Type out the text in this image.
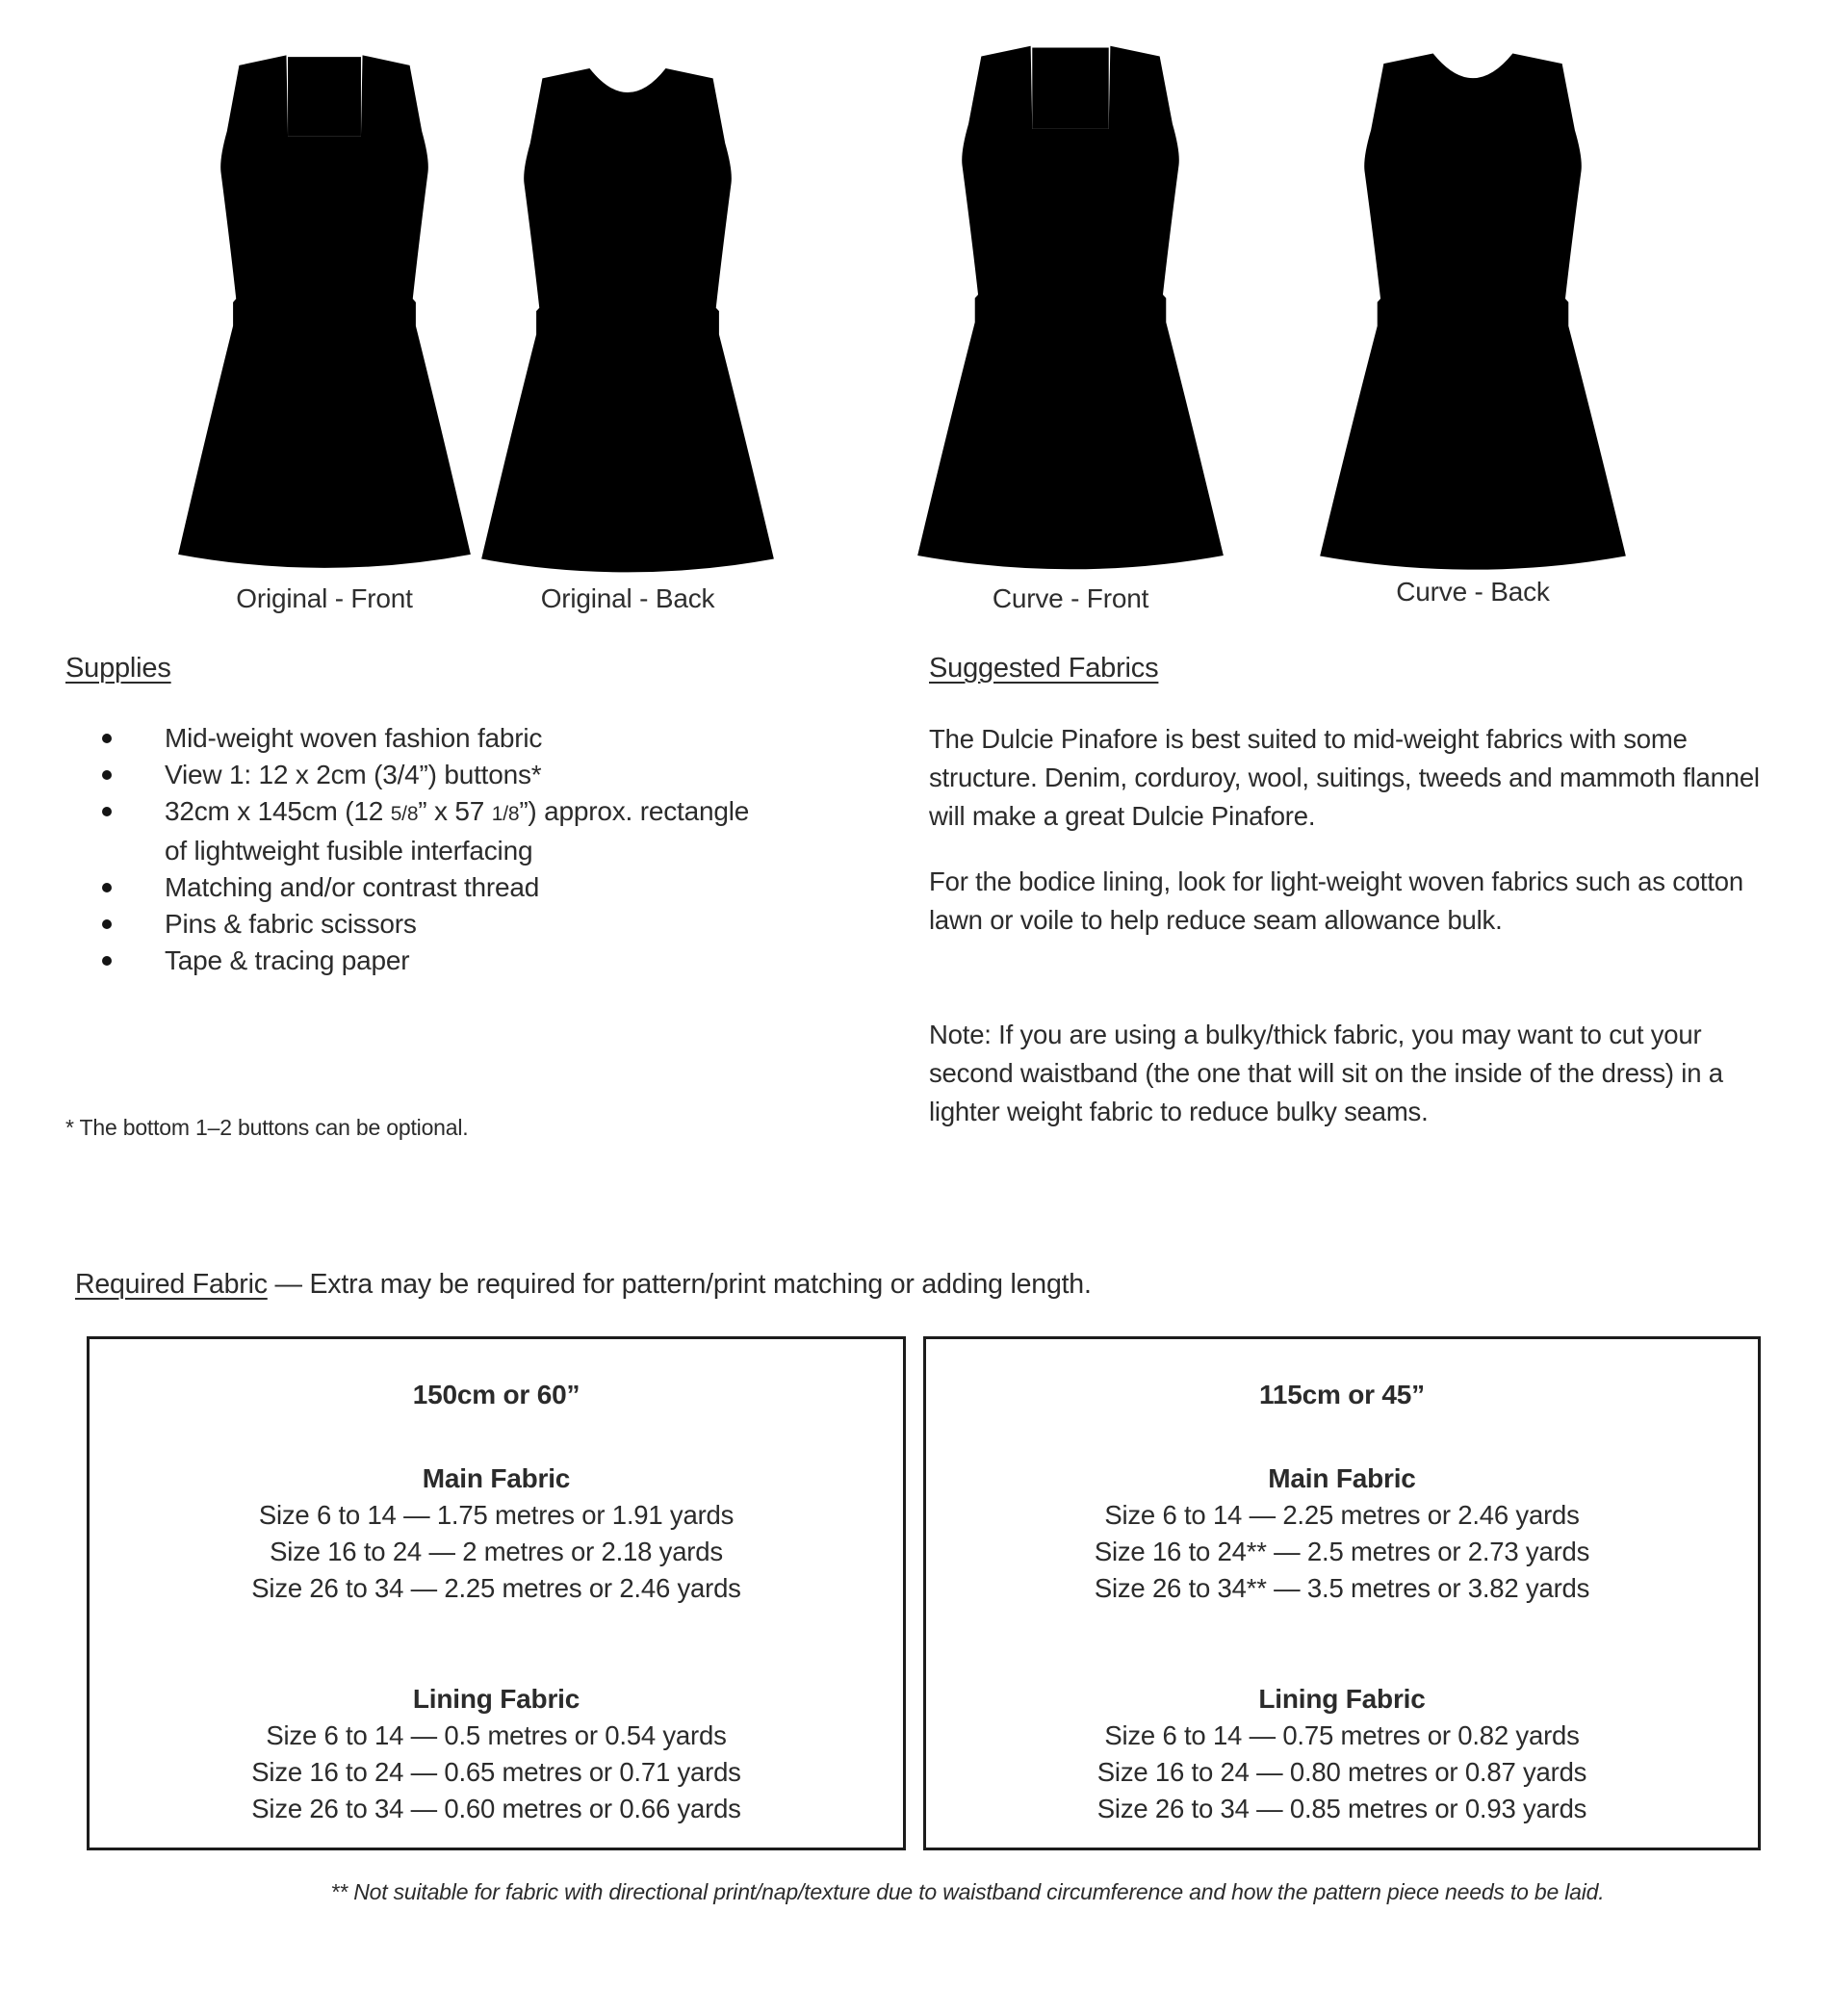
Original - Front	Original - Back	Curve - Front	Curve - Back
Supplies
Mid-weight woven fashion fabric
View 1: 12 x 2cm (3/4”) buttons*
32cm x 145cm (12 5/8” x 57 1/8”) approx. rectangle of lightweight fusible interfacing
Matching and/or contrast thread
Pins & fabric scissors
Tape & tracing paper
* The bottom 1–2 buttons can be optional.
Suggested Fabrics
The Dulcie Pinafore is best suited to mid-weight fabrics with some structure. Denim, corduroy, wool, suitings, tweeds and mammoth flannel will make a great Dulcie Pinafore.
For the bodice lining, look for light-weight woven fabrics such as cotton lawn or voile to help reduce seam allowance bulk.
Note: If you are using a bulky/thick fabric, you may want to cut your second waistband (the one that will sit on the inside of the dress) in a lighter weight fabric to reduce bulky seams.
Required Fabric — Extra may be required for pattern/print matching or adding length.
150cm or 60”
Main Fabric
Size 6 to 14 — 1.75 metres or 1.91 yards
Size 16 to 24 — 2 metres or 2.18 yards
Size 26 to 34 — 2.25 metres or 2.46 yards
Lining Fabric
Size 6 to 14 — 0.5 metres or 0.54 yards
Size 16 to 24 — 0.65 metres or 0.71 yards
Size 26 to 34 — 0.60 metres or 0.66 yards
115cm or 45”
Main Fabric
Size 6 to 14 — 2.25 metres or 2.46 yards
Size 16 to 24** — 2.5 metres or 2.73 yards
Size 26 to 34** — 3.5 metres or 3.82 yards
Lining Fabric
Size 6 to 14 — 0.75 metres or 0.82 yards
Size 16 to 24 — 0.80 metres or 0.87 yards
Size 26 to 34 — 0.85 metres or 0.93 yards
** Not suitable for fabric with directional print/nap/texture due to waistband circumference and how the pattern piece needs to be laid.
